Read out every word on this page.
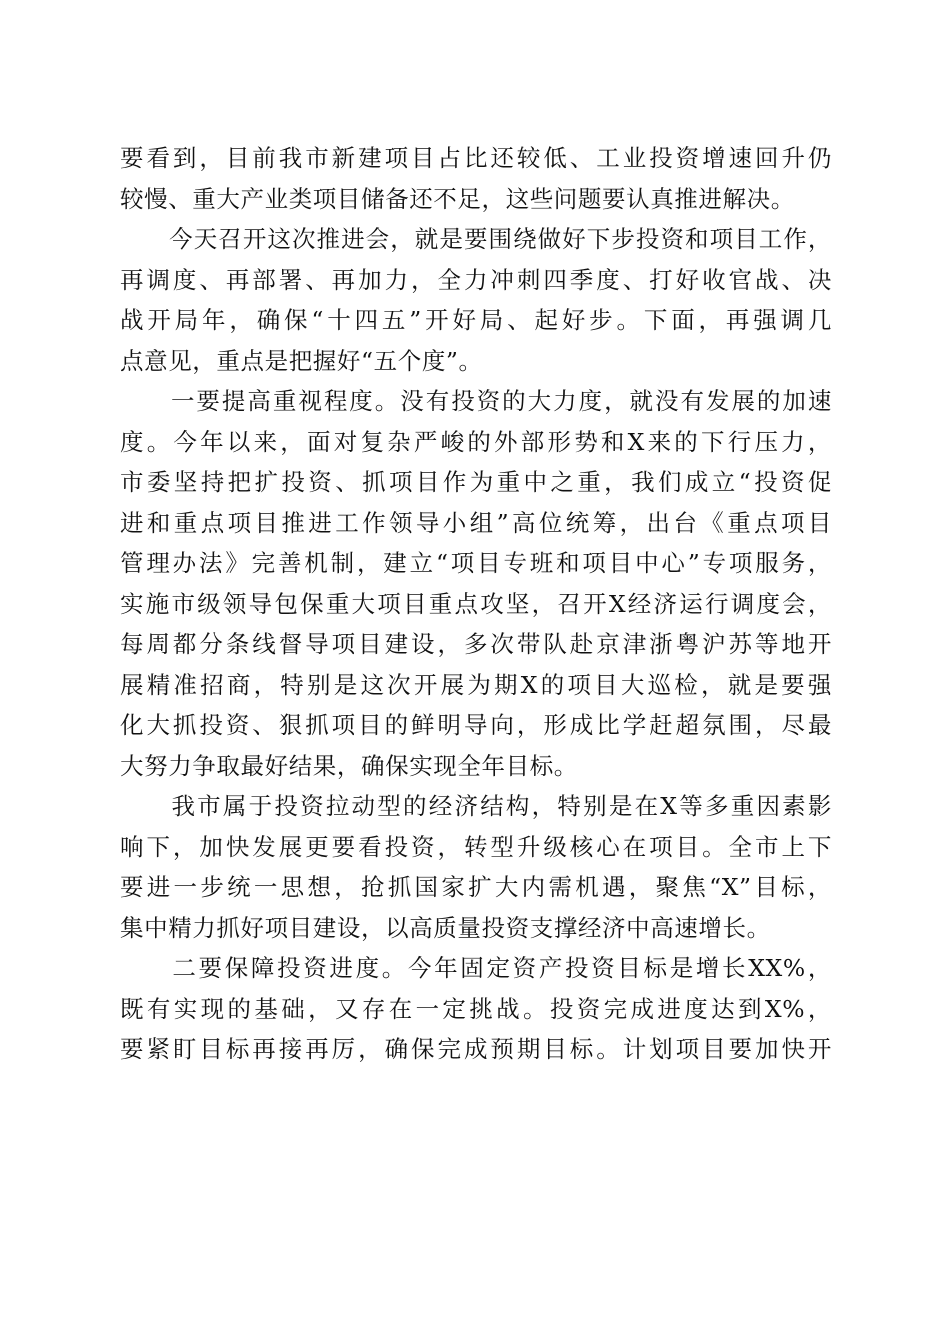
要看到，目前我市新建项目占比还较低、工业投资增速回升仍
较慢、重大产业类项目储备还不足，这些问题要认真推进解决。
　　今天召开这次推进会，就是要围绕做好下步投资和项目工作，
再调度、再部署、再加力，全力冲刺四季度、打好收官战、决
战开局年，确保“十四五”开好局、起好步。下面，再强调几
点意见，重点是把握好“五个度”。
　　一要提高重视程度。没有投资的大力度，就没有发展的加速
度。今年以来，面对复杂严峻的外部形势和X来的下行压力，
市委坚持把扩投资、抓项目作为重中之重，我们成立“投资促
进和重点项目推进工作领导小组”高位统筹，出台《重点项目
管理办法》完善机制，建立“项目专班和项目中心”专项服务，
实施市级领导包保重大项目重点攻坚，召开X经济运行调度会，
每周都分条线督导项目建设，多次带队赴京津浙粤沪苏等地开
展精准招商，特别是这次开展为期X的项目大巡检，就是要强
化大抓投资、狠抓项目的鲜明导向，形成比学赶超氛围，尽最
大努力争取最好结果，确保实现全年目标。
　　我市属于投资拉动型的经济结构，特别是在X等多重因素影
响下，加快发展更要看投资，转型升级核心在项目。全市上下
要进一步统一思想，抢抓国家扩大内需机遇，聚焦“X”目标，
集中精力抓好项目建设，以高质量投资支撑经济中高速增长。
　　二要保障投资进度。今年固定资产投资目标是增长XX%，
既有实现的基础，又存在一定挑战。投资完成进度达到X%，
要紧盯目标再接再厉，确保完成预期目标。计划项目要加快开
